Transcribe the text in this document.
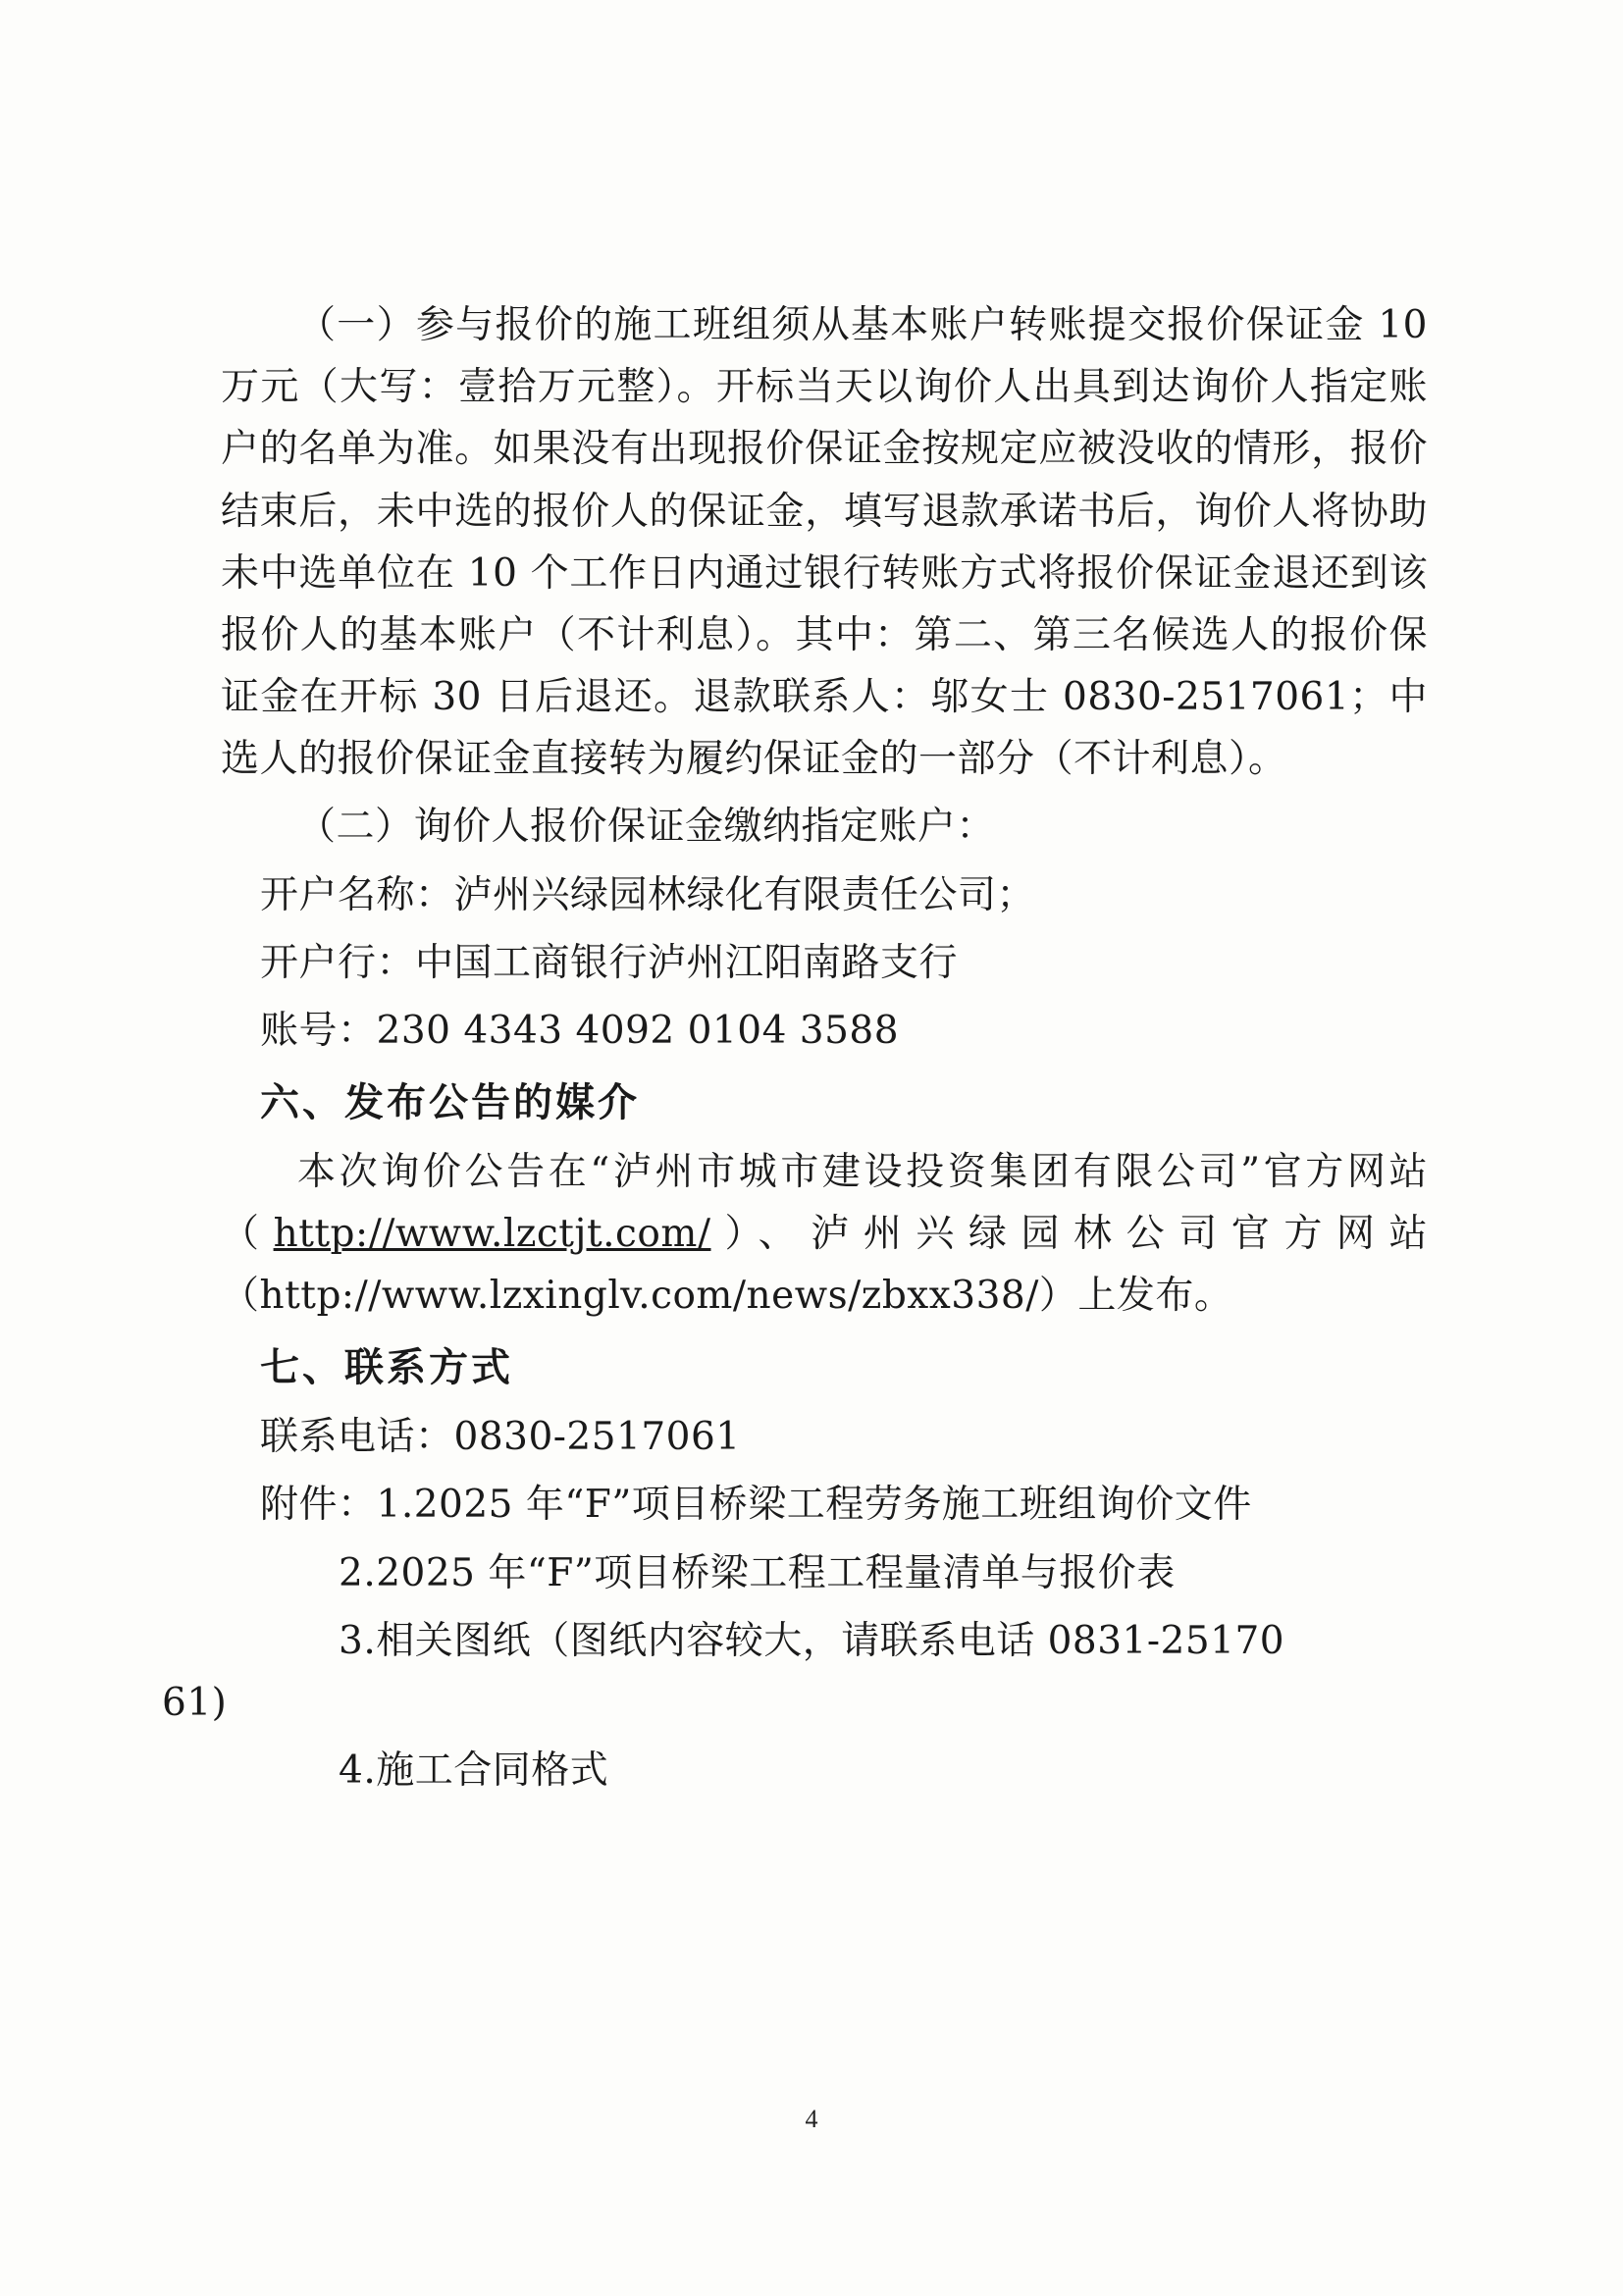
（一）参与报价的施工班组须从基本账户转账提交报价保证金 10 万元（大写：壹拾万元整）。开标当天以询价人出具到达询价人指定账户的名单为准。如果没有出现报价保证金按规定应被没收的情形，报价结束后，未中选的报价人的保证金，填写退款承诺书后，询价人将协助未中选单位在 10 个工作日内通过银行转账方式将报价保证金退还到该报价人的基本账户（不计利息）。其中：第二、第三名候选人的报价保证金在开标 30 日后退还。退款联系人：邬女士 0830-2517061；中选人的报价保证金直接转为履约保证金的一部分（不计利息）。

（二）询价人报价保证金缴纳指定账户：

开户名称：泸州兴绿园林绿化有限责任公司；

开户行：中国工商银行泸州江阳南路支行

账号：230 4343 4092 0104 3588

六、发布公告的媒介

本次询价公告在“泸州市城市建设投资集团有限公司”官方网站（http://www.lzctjt.com/）、泸州兴绿园林公司官方网站（http://www.lzxinglv.com/news/zbxx338/）上发布。

七、联系方式

联系电话：0830-2517061

附件：1.2025 年“F”项目桥梁工程劳务施工班组询价文件

2.2025 年“F”项目桥梁工程工程量清单与报价表

3.相关图纸（图纸内容较大，请联系电话 0831-25170

61)

4.施工合同格式

4
